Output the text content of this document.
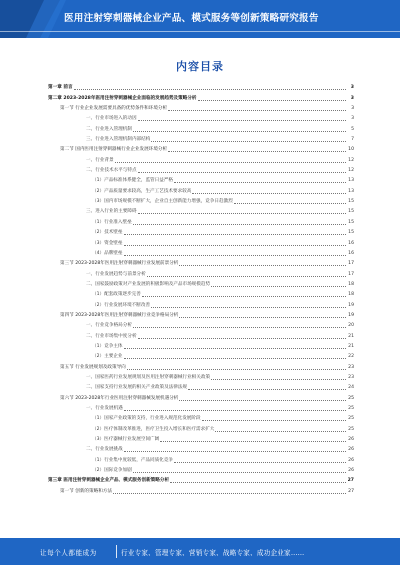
医用注射穿刺器械企业产品、模式服务等创新策略研究报告
内容目录
第一章 前言	3
第二章 2023-2028年医用注射穿刺器械企业面临的发展趋势及策略分析	3
第一节 行业企业发展需要具备的优势条件和环境分析	3
一、行业市场进入的动因	3
二、行业进入管理机制	5
三、行业进入管理机制内部结构	7
第二节 国内医用注射穿刺器械行业企业发展环境分析	10
一、行业背景	12
二、行业技术水平与特点	12
（1）产品标准体系健全，监管日益严格	13
（2）产品质量要求较高，生产工艺技术要求较高	13
（3）国内市场规模不断扩大，企业自主创新能力增强，竞争日趋激烈	15
三、进入行业的主要障碍	15
（1）行业准入壁垒	15
（2）技术壁垒	15
（3）资金壁垒	16
（4）品牌壁垒	16
第三节 2023-2028年医用注射穿刺器械行业发展前景分析	17
一、行业发展趋势与前景分析	17
二、国家鼓励政策对产业发展的积极影响及产品市场规模趋势	18
（1）配套政策逐步完善	18
（2）行业发展环境不断改善	19
第四节 2023-2028年医用注射穿刺器械行业竞争格局分析	19
一、行业竞争格局分析	20
二、行业市场集中度分析	21
（1）竞争主体	21
（2）主要企业	22
第五节 行业发展规划及政策导向	23
一、国家医药行业发展规划及医用注射穿刺器械行业相关政策	23
二、国家支持行业发展的相关产业政策及法律法规	24
第六节 2023-2028年行业医用注射穿刺器械发展机遇分析	25
一、行业发展机遇	25
（1）国家产业政策的支持，行业进入规范化发展阶段	25
（2）医疗体制改革推进，医疗卫生投入增长和医疗需求扩大	25
（3）医疗器械行业发展空间广阔	26
二、行业发展挑战	26
（1）行业集中度较低，产品同质化竞争	26
（2）国际竞争加剧	26
第三章 医用注射穿刺器械企业产品、模式服务创新策略分析	27
第一节 创新的策略和方法	27
让每个人都能成为	行业专家、管理专家、营销专家、战略专家、成功企业家……
